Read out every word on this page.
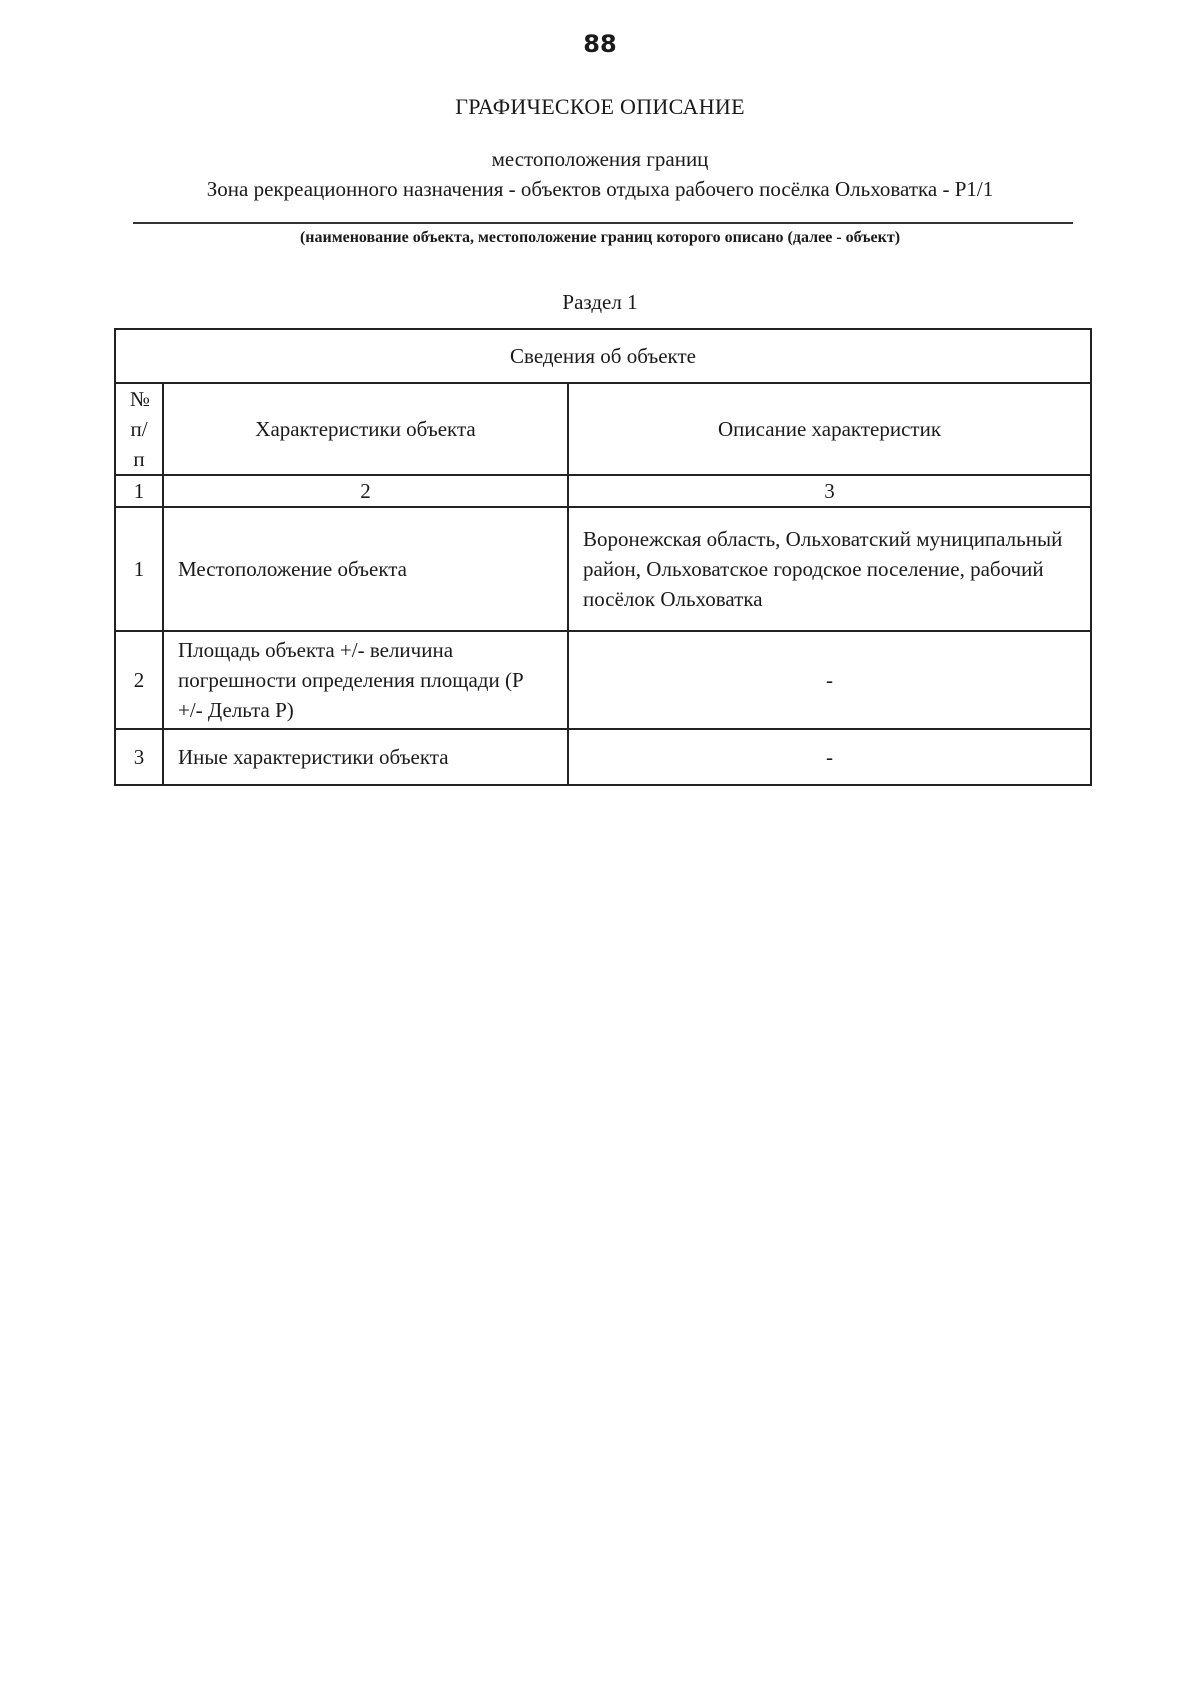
88
ГРАФИЧЕСКОЕ ОПИСАНИЕ
местоположения границ
Зона рекреационного назначения - объектов отдыха рабочего посёлка Ольховатка - Р1/1
(наименование объекта, местоположение границ которого описано (далее - объект)
Раздел 1
Сведения об объекте		
№ п/п	Характеристики объекта	Описание характеристик
1	2	3
1	Местоположение объекта	Воронежская область, Ольховатский муниципальный район, Ольховатское городское поселение, рабочий посёлок Ольховатка
2	Площадь объекта +/- величина погрешности определения площади (Р +/- Дельта Р)	-
3	Иные характеристики объекта	-
